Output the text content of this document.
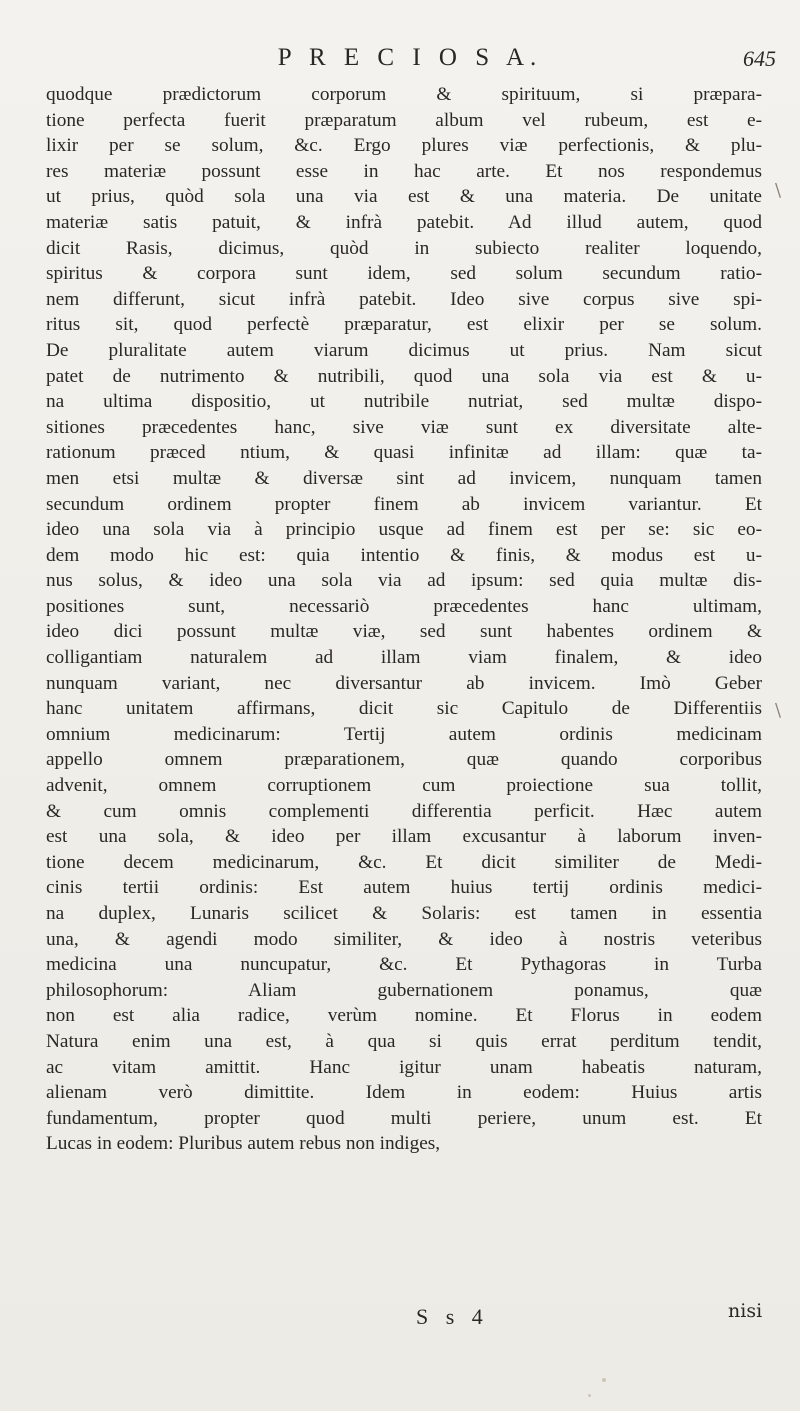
P R E C I O S A.	645
quodque prædictorum corporum & spirituum, si præpara-
tione perfecta fuerit præparatum album vel rubeum, est e-
lixir per se solum, &c. Ergo plures viæ perfectionis, & plu-
res materiæ possunt esse in hac arte. Et nos respondemus
ut prius, quòd sola una via est & una materia. De unitate
materiæ satis patuit, & infrà patebit. Ad illud autem, quod
dicit Rasis, dicimus, quòd in subiecto realiter loquendo,
spiritus & corpora sunt idem, sed solum secundum ratio-
nem differunt, sicut infrà patebit. Ideo sive corpus sive spi-
ritus sit, quod perfectè præparatur, est elixir per se solum.
De pluralitate autem viarum dicimus ut prius. Nam sicut
patet de nutrimento & nutribili, quod una sola via est & u-
na ultima dispositio, ut nutribile nutriat, sed multæ dispo-
sitiones præcedentes hanc, sive viæ sunt ex diversitate alte-
rationum præced ntium, & quasi infinitæ ad illam: quæ ta-
men etsi multæ & diversæ sint ad invicem, nunquam tamen
secundum ordinem propter finem ab invicem variantur. Et
ideo una sola via à principio usque ad finem est per se: sic eo-
dem modo hic est: quia intentio & finis, & modus est u-
nus solus, & ideo una sola via ad ipsum: sed quia multæ dis-
positiones sunt, necessariò præcedentes hanc ultimam,
ideo dici possunt multæ viæ, sed sunt habentes ordinem &
colligantiam naturalem ad illam viam finalem, & ideo
nunquam variant, nec diversantur ab invicem. Imò Geber
hanc unitatem affirmans, dicit sic Capitulo de Differentiis
omnium medicinarum: Tertij autem ordinis medicinam
appello omnem præparationem, quæ quando corporibus
advenit, omnem corruptionem cum proiectione sua tollit,
& cum omnis complementi differentia perficit. Hæc autem
est una sola, & ideo per illam excusantur à laborum inven-
tione decem medicinarum, &c. Et dicit similiter de Medi-
cinis tertii ordinis: Est autem huius tertij ordinis medici-
na duplex, Lunaris scilicet & Solaris: est tamen in essentia
una, & agendi modo similiter, & ideo à nostris veteribus
medicina una nuncupatur, &c. Et Pythagoras in Turba
philosophorum: Aliam gubernationem ponamus, quæ
non est alia radice, verùm nomine. Et Florus in eodem
Natura enim una est, à qua si quis errat perditum tendit,
ac vitam amittit. Hanc igitur unam habeatis naturam,
alienam verò dimittite. Idem in eodem: Huius artis
fundamentum, propter quod multi periere, unum est. Et
Lucas in eodem: Pluribus autem rebus non indiges,
S s 4
\
\
nisi
